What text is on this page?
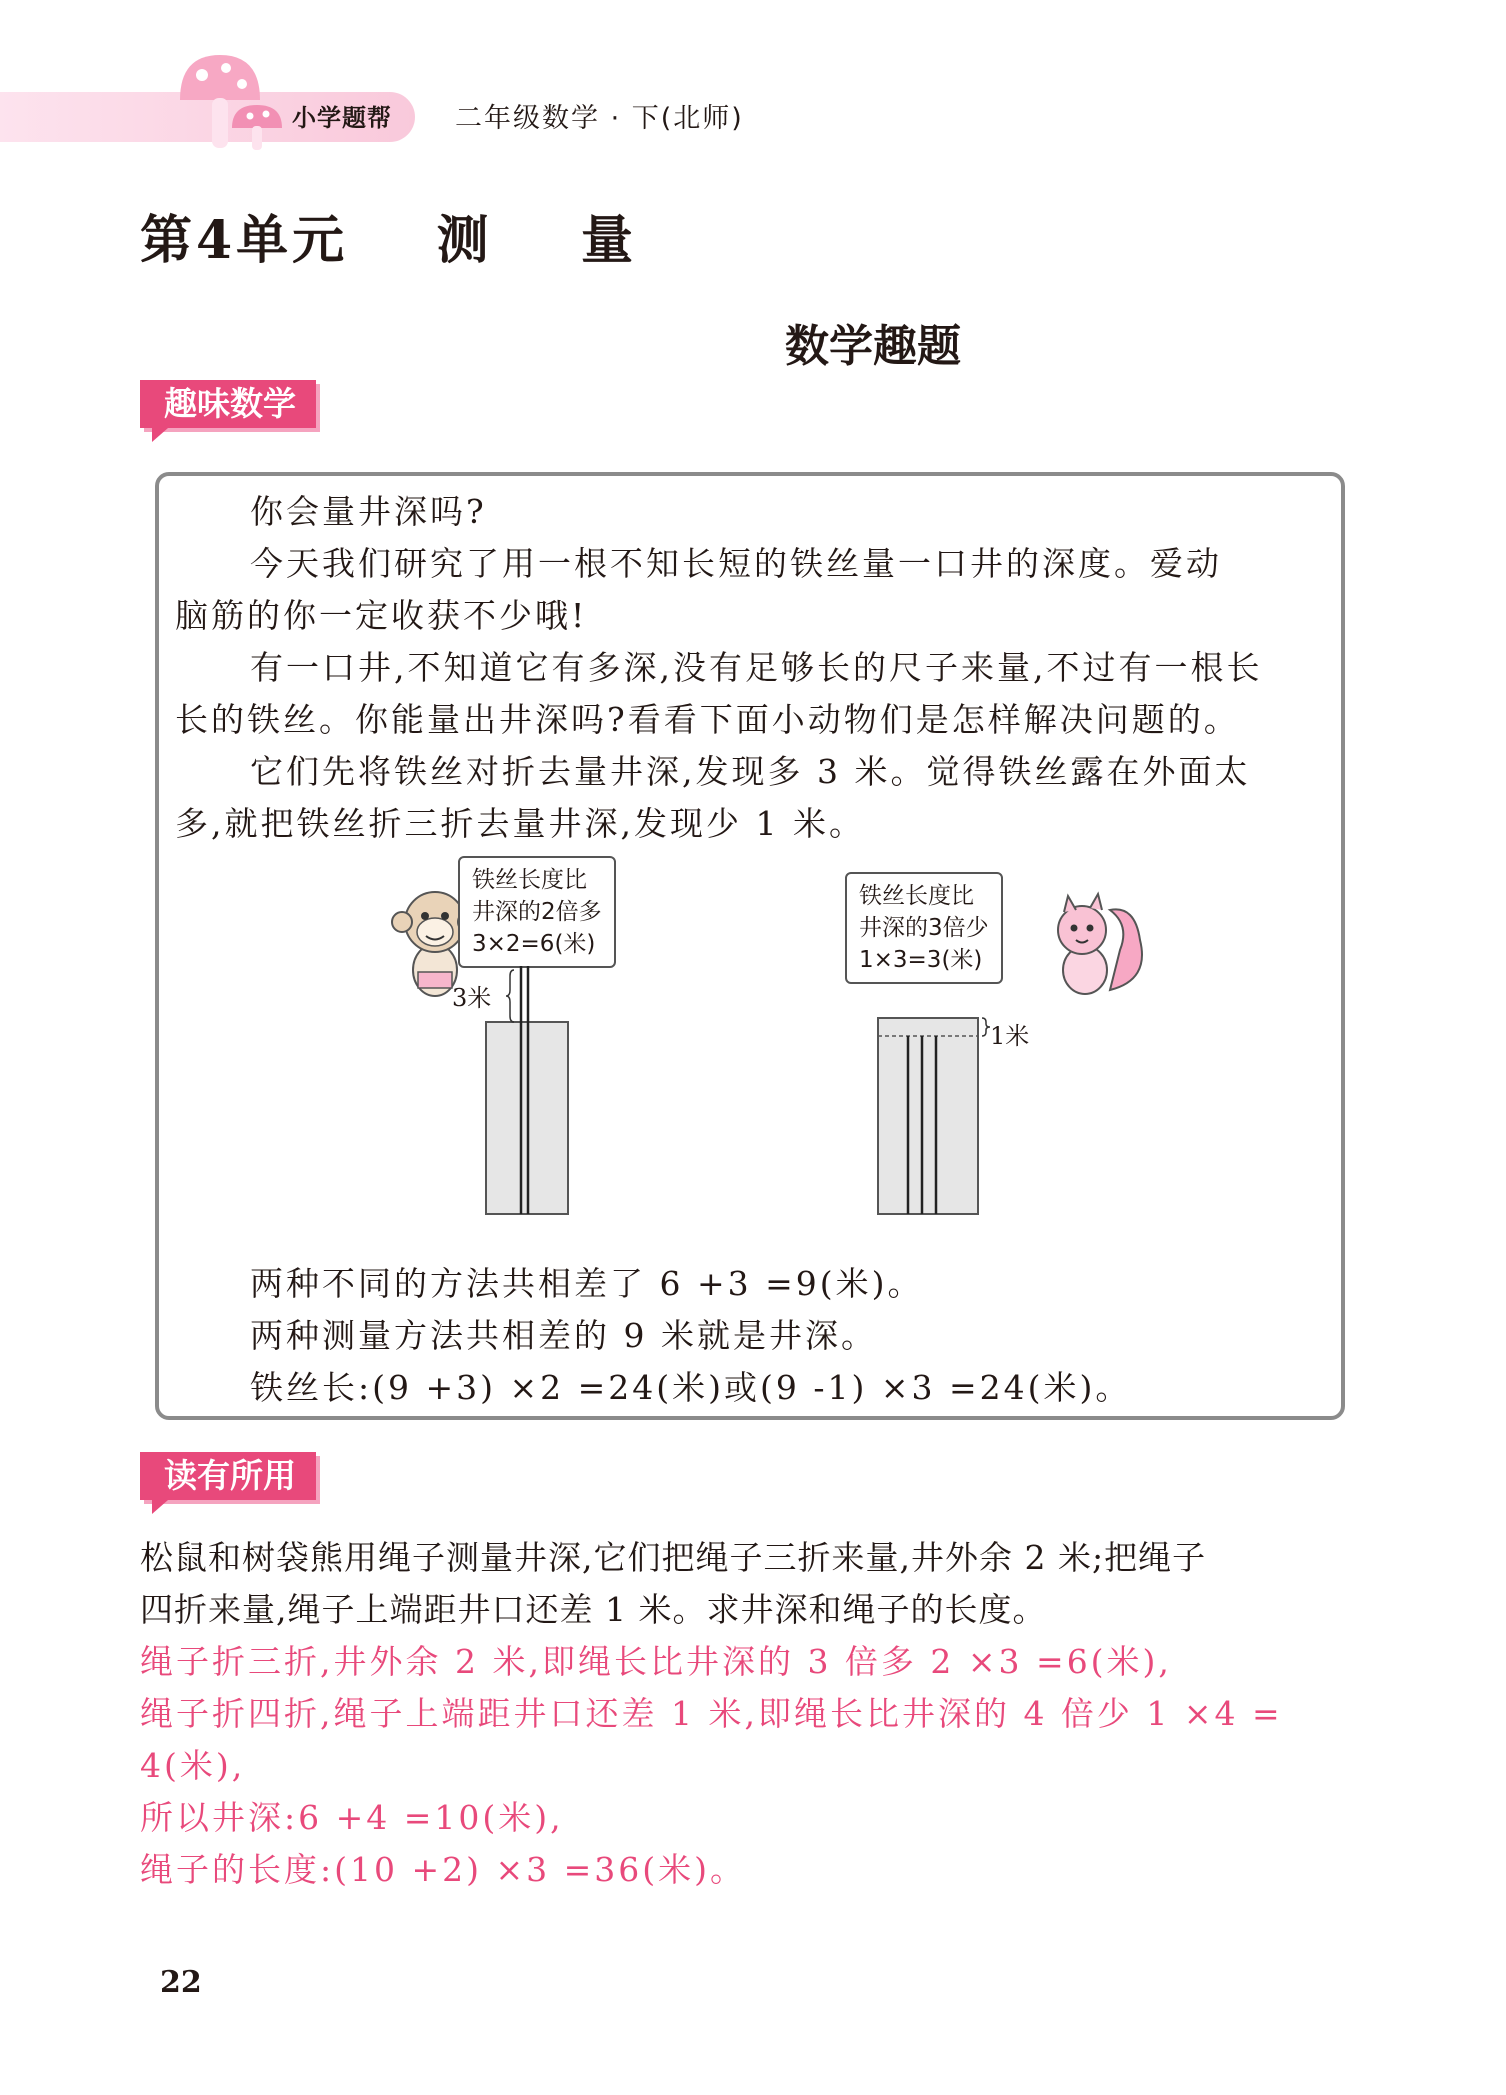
小学题帮 二年级数学 · 下(北师)
第4单元    测    量
数学趣题
趣味数学
你会量井深吗?
今天我们研究了用一根不知长短的铁丝量一口井的深度。爱动
脑筋的你一定收获不少哦!
有一口井,不知道它有多深,没有足够长的尺子来量,不过有一根长
长的铁丝。你能量出井深吗?看看下面小动物们是怎样解决问题的。
它们先将铁丝对折去量井深,发现多 3 米。觉得铁丝露在外面太
多,就把铁丝折三折去量井深,发现少 1 米。
铁丝长度比
井深的2倍多
3×2=6(米)
3米
铁丝长度比
井深的3倍少
1×3=3(米)
1米
两种不同的方法共相差了 6 +3 =9(米)。
两种测量方法共相差的 9 米就是井深。
铁丝长:(9 +3) ×2 =24(米)或(9 -1) ×3 =24(米)。
读有所用
松鼠和树袋熊用绳子测量井深,它们把绳子三折来量,井外余 2 米;把绳子
四折来量,绳子上端距井口还差 1 米。求井深和绳子的长度。
绳子折三折,井外余 2 米,即绳长比井深的 3 倍多 2 ×3 =6(米),
绳子折四折,绳子上端距井口还差 1 米,即绳长比井深的 4 倍少 1 ×4 =
4(米),
所以井深:6 +4 =10(米),
绳子的长度:(10 +2) ×3 =36(米)。
22
